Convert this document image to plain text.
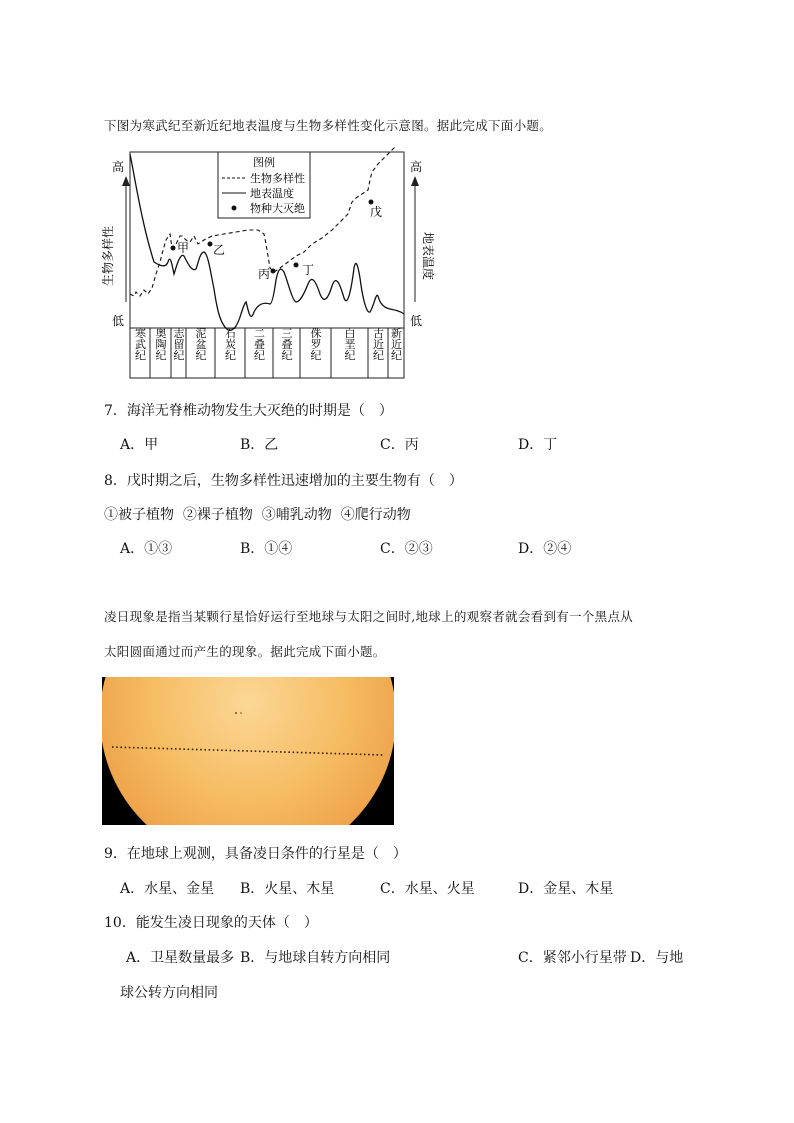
下图为寒武纪至新近纪地表温度与生物多样性变化示意图。据此完成下面小题。
高
低
高
低
生物多样性	地表温度
寒武纪 奥陶纪 志留纪 泥盆纪 石炭纪 二叠纪 三叠纪 侏罗纪 白垩纪 古近纪 新近纪
甲 乙
丙	丁
戊
图例
生物多样性
地表温度
物种大灭绝
7．海洋无脊椎动物发生大灭绝的时期是（　）
A．甲	B．乙	C．丙	D．丁
8．戊时期之后，生物多样性迅速增加的主要生物有（　）
①被子植物  ②裸子植物  ③哺乳动物  ④爬行动物
A．①③	B．①④	C．②③	D．②④
凌日现象是指当某颗行星恰好运行至地球与太阳之间时,地球上的观察者就会看到有一个黑点从
太阳圆面通过而产生的现象。据此完成下面小题。
9．在地球上观测，具备凌日条件的行星是（　）
A．水星、金星 B．火星、木星	C．水星、火星	D．金星、木星
10．能发生凌日现象的天体（　）
A．卫星数量最多 B．与地球自转方向相同	C．紧邻小行星带 D．与地
球公转方向相同
